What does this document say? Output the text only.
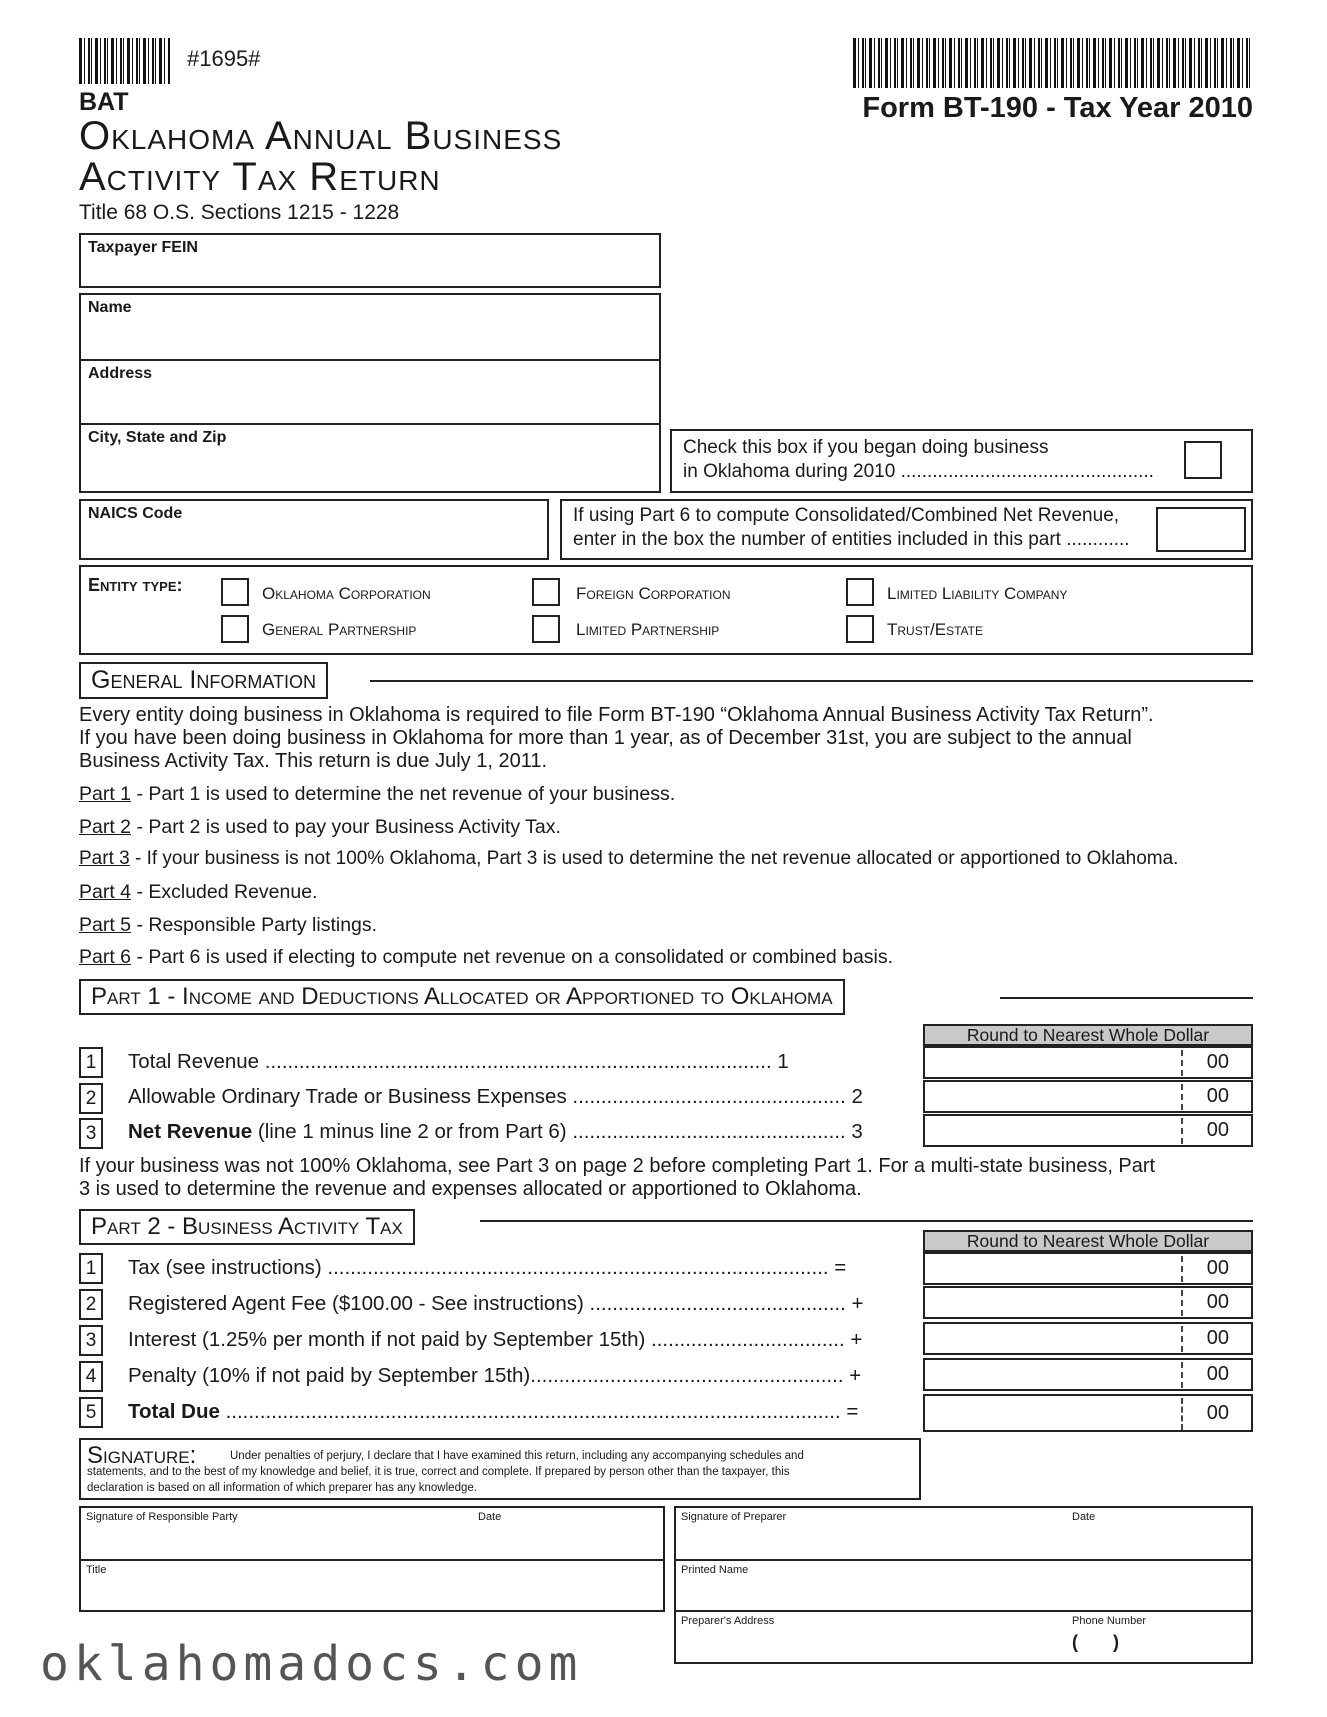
#1695#
BAT	Form BT-190 - Tax Year 2010
Oklahoma Annual Business
Activity Tax Return
Title 68 O.S. Sections 1215 - 1228
Taxpayer FEIN
Name
Address
City, State and Zip	Check this box if you began doing business
in Oklahoma during 2010 ................................................
NAICS Code	If using Part 6 to compute Consolidated/Combined Net Revenue,
enter in the box the number of entities included in this part ............
Entity type:	Oklahoma Corporation	Foreign Corporation	Limited Liability Company
General Partnership	Limited Partnership	Trust/Estate
General Information
Every entity doing business in Oklahoma is required to file Form BT-190 “Oklahoma Annual Business Activity Tax Return”.
If you have been doing business in Oklahoma for more than 1 year, as of December 31st, you are subject to the annual
Business Activity Tax. This return is due July 1, 2011.
Part 1 - Part 1 is used to determine the net revenue of your business.
Part 2 - Part 2 is used to pay your Business Activity Tax.
Part 3 - If your business is not 100% Oklahoma, Part 3 is used to determine the net revenue allocated or apportioned to Oklahoma.
Part 4 - Excluded Revenue.
Part 5 - Responsible Party listings.
Part 6 - Part 6 is used if electing to compute net revenue on a consolidated or combined basis.
Part 1 - Income and Deductions Allocated or Apportioned to Oklahoma
Round to Nearest Whole Dollar
1	Total Revenue ......................................................................................... 1	00
2	Allowable Ordinary Trade or Business Expenses ................................................ 2	00
3	Net Revenue (line 1 minus line 2 or from Part 6) ................................................ 3	00
If your business was not 100% Oklahoma, see Part 3 on page 2 before completing Part 1. For a multi-state business, Part
3 is used to determine the revenue and expenses allocated or apportioned to Oklahoma.
Part 2 - Business Activity Tax
Round to Nearest Whole Dollar
1	Tax (see instructions) ........................................................................................ =	00
2	Registered Agent Fee ($100.00 - See instructions) ............................................. +	00
3	Interest (1.25% per month if not paid by September 15th) .................................. +	00
4	Penalty (10% if not paid by September 15th)....................................................... +	00
5	Total Due ............................................................................................................ =	00
Signature:	Under penalties of perjury, I declare that I have examined this return, including any accompanying schedules and
statements, and to the best of my knowledge and belief, it is true, correct and complete. If prepared by person other than the taxpayer, this
declaration is based on all information of which preparer has any knowledge.
Signature of Responsible Party	Date
Title
Signature of Preparer	Date
Printed Name
Preparer's Address	Phone Number
(       )
oklahomadocs.com
